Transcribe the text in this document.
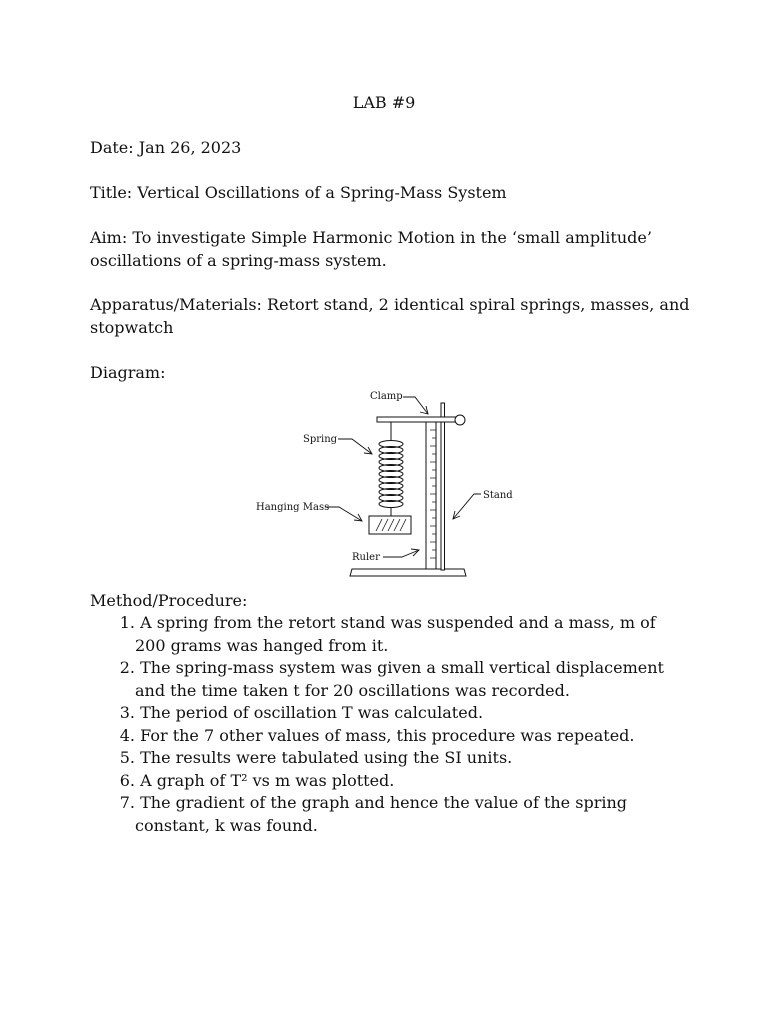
LAB #9

Date: Jan 26, 2023

Title: Vertical Oscillations of a Spring-Mass System

Aim: To investigate Simple Harmonic Motion in the ‘small amplitude’ oscillations of a spring-mass system.

Apparatus/Materials: Retort stand, 2 identical spiral springs, masses, and stopwatch

Diagram:

Clamp
Spring
Hanging Mass
Stand
Ruler

Method/Procedure:

1. A spring from the retort stand was suspended and a mass, m of 200 grams was hanged from it.
2. The spring-mass system was given a small vertical displacement and the time taken t for 20 oscillations was recorded.
3. The period of oscillation T was calculated.
4. For the 7 other values of mass, this procedure was repeated.
5. The results were tabulated using the SI units.
6. A graph of T² vs m was plotted.
7. The gradient of the graph and hence the value of the spring constant, k was found.
